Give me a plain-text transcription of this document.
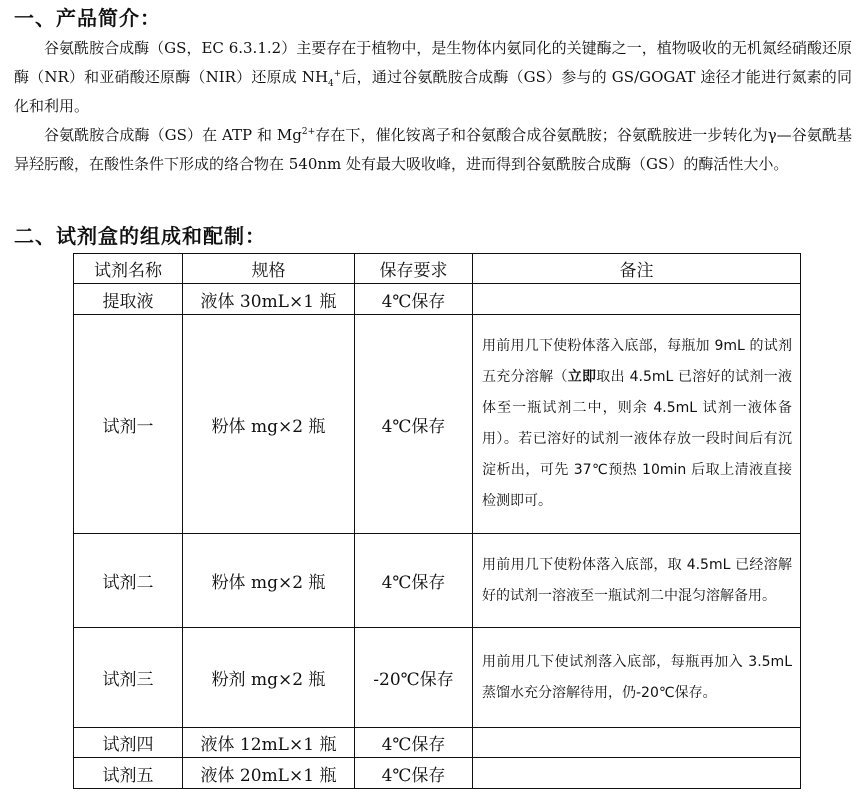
一、产品简介：

谷氨酰胺合成酶（GS，EC 6.3.1.2）主要存在于植物中，是生物体内氨同化的关键酶之一，植物吸收的无机氮经硝酸还原酶（NR）和亚硝酸还原酶（NIR）还原成 $NH_4^+$后，通过谷氨酰胺合成酶（GS）参与的 GS/GOGAT 途径才能进行氮素的同化和利用。

谷氨酰胺合成酶（GS）在 ATP 和 $Mg^{2+}$存在下，催化铵离子和谷氨酸合成谷氨酰胺；谷氨酰胺进一步转化为γ—谷氨酰基异羟肟酸，在酸性条件下形成的络合物在 540nm 处有最大吸收峰，进而得到谷氨酰胺合成酶（GS）的酶活性大小。

二、试剂盒的组成和配制：
试剂名称	规格	保存要求	备注
提取液	液体 30mL×1 瓶	4℃保存	
试剂一	粉体 mg×2 瓶	4℃保存	用前用几下使粉体落入底部，每瓶加 9mL 的试剂五充分溶解（立即取出 4.5mL 已溶好的试剂一液体至一瓶试剂二中，则余 4.5mL 试剂一液体备用）。若已溶好的试剂一液体存放一段时间后有沉淀析出，可先 37℃预热 10min 后取上清液直接检测即可。
试剂二	粉体 mg×2 瓶	4℃保存	用前用几下使粉体落入底部，取 4.5mL 已经溶解好的试剂一溶液至一瓶试剂二中混匀溶解备用。
试剂三	粉剂 mg×2 瓶	-20℃保存	用前用几下使试剂落入底部，每瓶再加入 3.5mL 蒸馏水充分溶解待用，仍-20℃保存。
试剂四	液体 12mL×1 瓶	4℃保存	
试剂五	液体 20mL×1 瓶	4℃保存	
